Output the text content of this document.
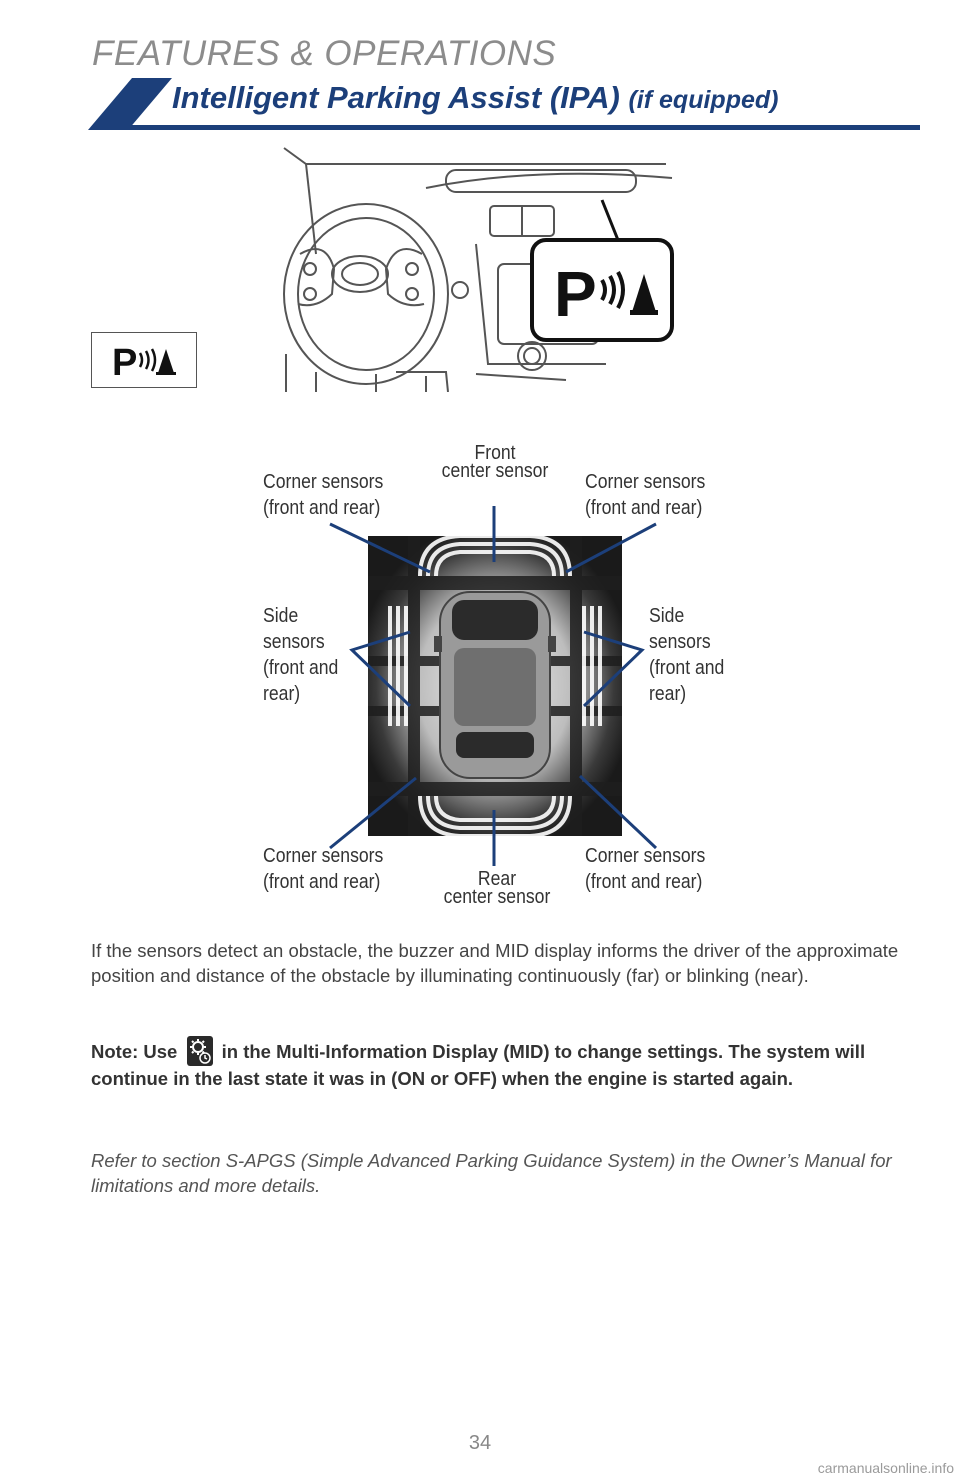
FEATURES & OPERATIONS
Intelligent Parking Assist (IPA) (if equipped)
P
P
Front
center sensor
Corner sensors
(front and rear)
Corner sensors
(front and rear)
Side
sensors
(front and
rear)
Side
sensors
(front and
rear)
Corner sensors
(front and rear)
Corner sensors
(front and rear)
Rear
center sensor
If the sensors detect an obstacle, the buzzer and MID display informs the driver of the approximate position and distance of the obstacle by illuminating continuously (far) or blinking (near).
Note: Use in the Multi-Information Display (MID) to change settings. The system will continue in the last state it was in (ON or OFF) when the engine is started again.
Refer to section S-APGS (Simple Advanced Parking Guidance System) in the Owner’s Manual for limitations and more details.
34
carmanualsonline.info
